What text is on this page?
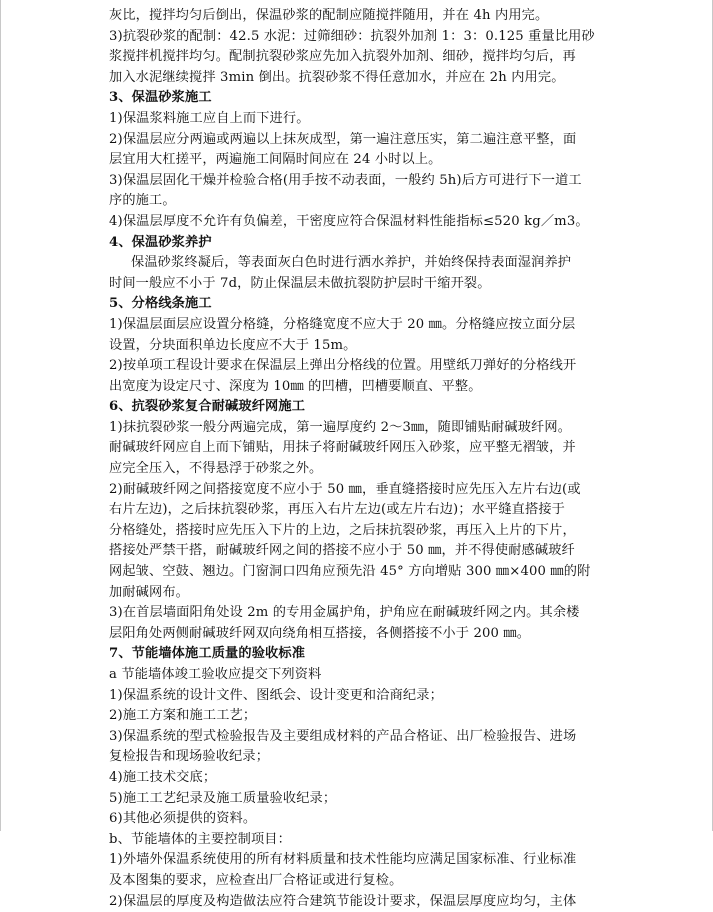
灰比，搅拌均匀后倒出，保温砂浆的配制应随搅拌随用，并在 4h 内用完。
3)抗裂砂浆的配制：42.5 水泥：过筛细砂：抗裂外加剂 1：3：0.125 重量比用砂
浆搅拌机搅拌均匀。配制抗裂砂浆应先加入抗裂外加剂、细砂，搅拌均匀后，再
加入水泥继续搅拌 3min 倒出。抗裂砂浆不得任意加水，并应在 2h 内用完。
3、保温砂浆施工
1)保温浆料施工应自上而下进行。
2)保温层应分两遍或两遍以上抹灰成型，第一遍注意压实，第二遍注意平整，面
层宜用大杠搓平，两遍施工间隔时间应在 24 小时以上。
3)保温层固化干燥并检验合格(用手按不动表面，一般约 5h)后方可进行下一道工
序的施工。
4)保温层厚度不允许有负偏差，干密度应符合保温材料性能指标≤520 kg／m3。
4、保温砂浆养护
保温砂浆终凝后，等表面灰白色时进行洒水养护，并始终保持表面湿润养护
时间一般应不小于 7d，防止保温层未做抗裂防护层时干缩开裂。
5、分格线条施工
1)保温层面层应设置分格缝，分格缝宽度不应大于 20 ㎜。分格缝应按立面分层
设置，分块面积单边长度应不大于 15m。
2)按单项工程设计要求在保温层上弹出分格线的位置。用壁纸刀弹好的分格线开
出宽度为设定尺寸、深度为 10㎜ 的凹槽，凹槽要顺直、平整。
6、抗裂砂浆复合耐碱玻纤网施工
1)抹抗裂砂浆一般分两遍完成，第一遍厚度约 2～3㎜，随即铺贴耐碱玻纤网。
耐碱玻纤网应自上而下铺贴，用抹子将耐碱玻纤网压入砂浆，应平整无褶皱，并
应完全压入，不得悬浮于砂浆之外。
2)耐碱玻纤网之间搭接宽度不应小于 50 ㎜，垂直缝搭接时应先压入左片右边(或
右片左边)，之后抹抗裂砂浆，再压入右片左边(或左片右边)；水平缝直搭接于
分格缝处，搭接时应先压入下片的上边，之后抹抗裂砂浆，再压入上片的下片，
搭接处严禁干搭，耐碱玻纤网之间的搭接不应小于 50 ㎜，并不得使耐感碱玻纤
网起皱、空鼓、翘边。门窗洞口四角应预先沿 45° 方向增贴 300 ㎜×400 ㎜的附
加耐碱网布。
3)在首层墙面阳角处设 2m 的专用金属护角，护角应在耐碱玻纤网之内。其余楼
层阳角处两侧耐碱玻纤网双向绕角相互搭接，各侧搭接不小于 200 ㎜。
7、节能墙体施工质量的验收标准
a 节能墙体竣工验收应提交下列资料
1)保温系统的设计文件、图纸会、设计变更和洽商纪录；
2)施工方案和施工工艺；
3)保温系统的型式检验报告及主要组成材料的产品合格证、出厂检验报告、进场
复检报告和现场验收纪录；
4)施工技术交底；
5)施工工艺纪录及施工质量验收纪录；
6)其他必须提供的资料。
b、节能墙体的主要控制项目：
1)外墙外保温系统使用的所有材料质量和技术性能均应满足国家标准、行业标准
及本图集的要求，应检查出厂合格证或进行复检。
2)保温层的厚度及构造做法应符合建筑节能设计要求，保温层厚度应均匀，主体
